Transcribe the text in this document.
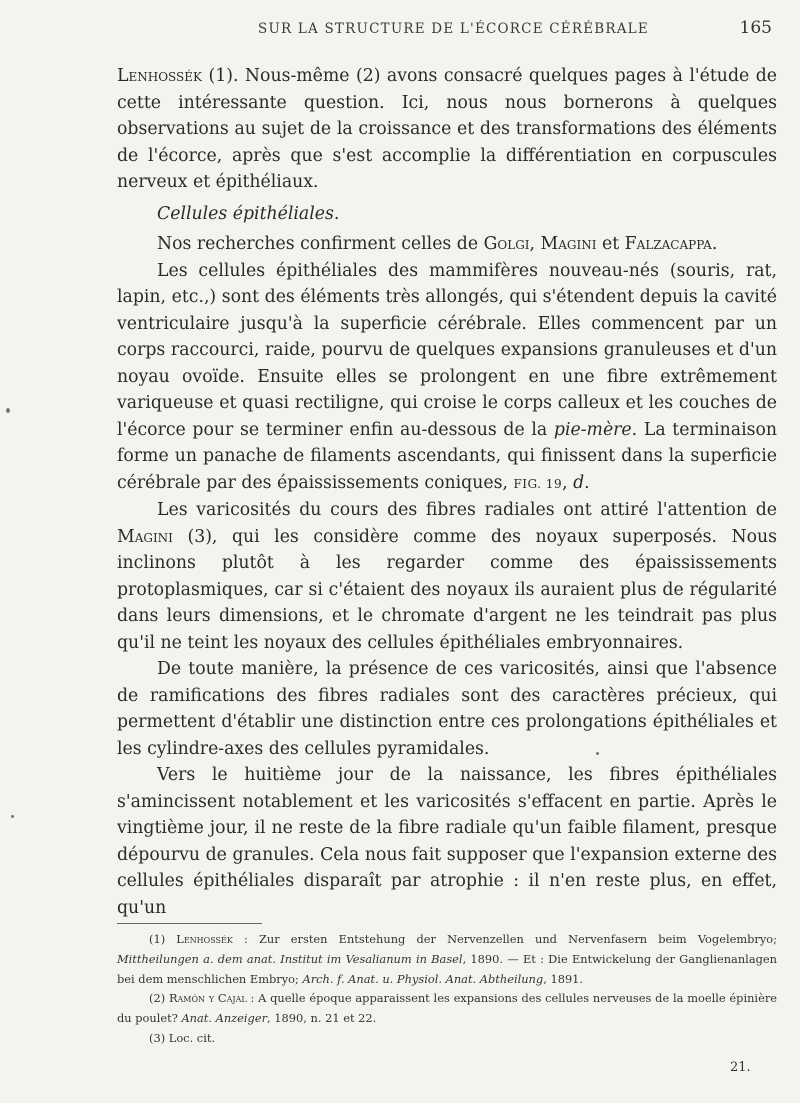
SUR LA STRUCTURE DE L'ÉCORCE CÉRÉBRALE	165

Lenhossék (1). Nous-même (2) avons consacré quelques pages à l'étude de cette intéressante question. Ici, nous nous bornerons à quelques observations au sujet de la croissance et des transformations des éléments de l'écorce, après que s'est accomplie la différentiation en corpuscules nerveux et épithéliaux.

Cellules épithéliales.

Nos recherches confirment celles de Golgi, Magini et Falzacappa.

Les cellules épithéliales des mammifères nouveau-nés (souris, rat, lapin, etc.,) sont des éléments très allongés, qui s'étendent depuis la cavité ventriculaire jusqu'à la superficie cérébrale. Elles commencent par un corps raccourci, raide, pourvu de quelques expansions granuleuses et d'un noyau ovoïde. Ensuite elles se prolongent en une fibre extrêmement variqueuse et quasi rectiligne, qui croise le corps calleux et les couches de l'écorce pour se terminer enfin au-dessous de la pie-mère. La terminaison forme un panache de filaments ascendants, qui finissent dans la superficie cérébrale par des épaississements coniques, FIG. 19, d.

Les varicosités du cours des fibres radiales ont attiré l'attention de Magini (3), qui les considère comme des noyaux superposés. Nous inclinons plutôt à les regarder comme des épaississements protoplasmiques, car si c'étaient des noyaux ils auraient plus de régularité dans leurs dimensions, et le chromate d'argent ne les teindrait pas plus qu'il ne teint les noyaux des cellules épithéliales embryonnaires.

De toute manière, la présence de ces varicosités, ainsi que l'absence de ramifications des fibres radiales sont des caractères précieux, qui permettent d'établir une distinction entre ces prolongations épithéliales et les cylindre-axes des cellules pyramidales.

Vers le huitième jour de la naissance, les fibres épithéliales s'amincissent notablement et les varicosités s'effacent en partie. Après le vingtième jour, il ne reste de la fibre radiale qu'un faible filament, presque dépourvu de granules. Cela nous fait supposer que l'expansion externe des cellules épithéliales disparaît par atrophie : il n'en reste plus, en effet, qu'un

(1) Lenhossék : Zur ersten Entstehung der Nervenzellen und Nervenfasern beim Vogelembryo; Mittheilungen a. dem anat. Institut im Vesalianum in Basel, 1890. — Et : Die Entwickelung der Ganglienanlagen bei dem menschlichen Embryo; Arch. f. Anat. u. Physiol. Anat. Abtheilung, 1891.

(2) Ramón y Cajal : A quelle époque apparaissent les expansions des cellules nerveuses de la moelle épinière du poulet? Anat. Anzeiger, 1890, n. 21 et 22.

(3) Loc. cit.

21.
